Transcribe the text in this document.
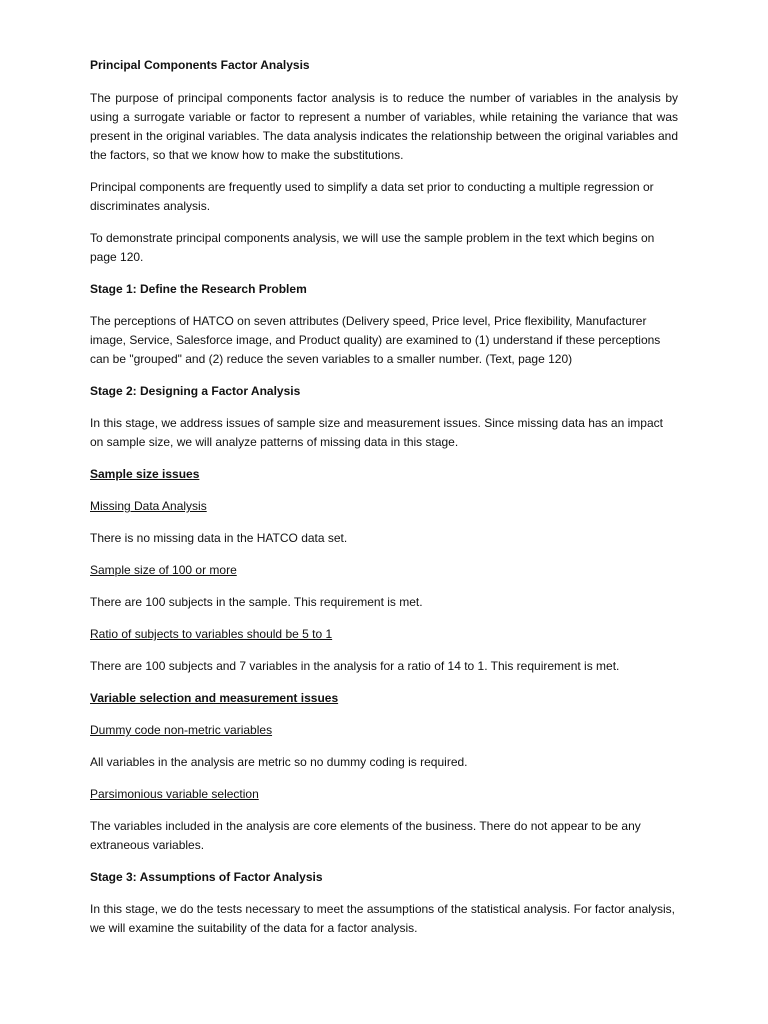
Principal Components Factor Analysis

The purpose of principal components factor analysis is to reduce the number of variables in the analysis by using a surrogate variable or factor to represent a number of variables, while retaining the variance that was present in the original variables. The data analysis indicates the relationship between the original variables and the factors, so that we know how to make the substitutions.

Principal components are frequently used to simplify a data set prior to conducting a multiple regression or discriminates analysis.

To demonstrate principal components analysis, we will use the sample problem in the text which begins on page 120.

Stage 1: Define the Research Problem

The perceptions of HATCO on seven attributes (Delivery speed, Price level, Price flexibility, Manufacturer image, Service, Salesforce image, and Product quality) are examined to (1) understand if these perceptions can be "grouped" and (2) reduce the seven variables to a smaller number. (Text, page 120)

Stage 2: Designing a Factor Analysis

In this stage, we address issues of sample size and measurement issues. Since missing data has an impact on sample size, we will analyze patterns of missing data in this stage.

Sample size issues

Missing Data Analysis

There is no missing data in the HATCO data set.

Sample size of 100 or more

There are 100 subjects in the sample. This requirement is met.

Ratio of subjects to variables should be 5 to 1

There are 100 subjects and 7 variables in the analysis for a ratio of 14 to 1. This requirement is met.

Variable selection and measurement issues

Dummy code non-metric variables

All variables in the analysis are metric so no dummy coding is required.

Parsimonious variable selection

The variables included in the analysis are core elements of the business. There do not appear to be any extraneous variables.

Stage 3: Assumptions of Factor Analysis

In this stage, we do the tests necessary to meet the assumptions of the statistical analysis. For factor analysis, we will examine the suitability of the data for a factor analysis.
